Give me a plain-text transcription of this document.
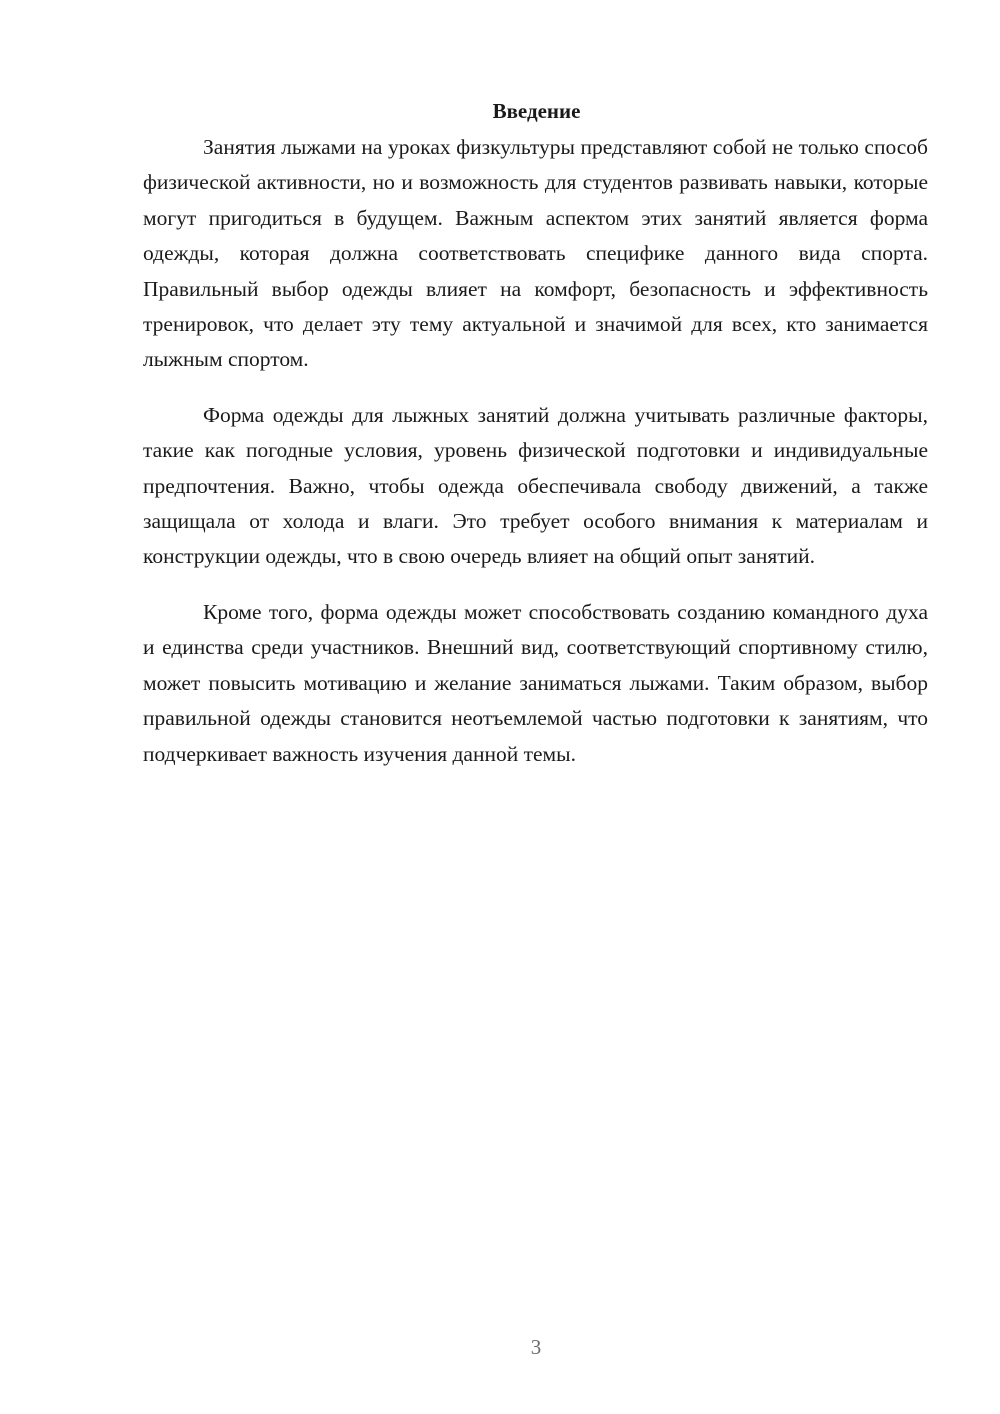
Введение

Занятия лыжами на уроках физкультуры представляют собой не только способ физической активности, но и возможность для студентов развивать навыки, которые могут пригодиться в будущем. Важным аспектом этих занятий является форма одежды, которая должна соответствовать специфике данного вида спорта. Правильный выбор одежды влияет на комфорт, безопасность и эффективность тренировок, что делает эту тему актуальной и значимой для всех, кто занимается лыжным спортом.

Форма одежды для лыжных занятий должна учитывать различные факторы, такие как погодные условия, уровень физической подготовки и индивидуальные предпочтения. Важно, чтобы одежда обеспечивала свободу движений, а также защищала от холода и влаги. Это требует особого внимания к материалам и конструкции одежды, что в свою очередь влияет на общий опыт занятий.

Кроме того, форма одежды может способствовать созданию командного духа и единства среди участников. Внешний вид, соответствующий спортивному стилю, может повысить мотивацию и желание заниматься лыжами. Таким образом, выбор правильной одежды становится неотъемлемой частью подготовки к занятиям, что подчеркивает важность изучения данной темы.

3
